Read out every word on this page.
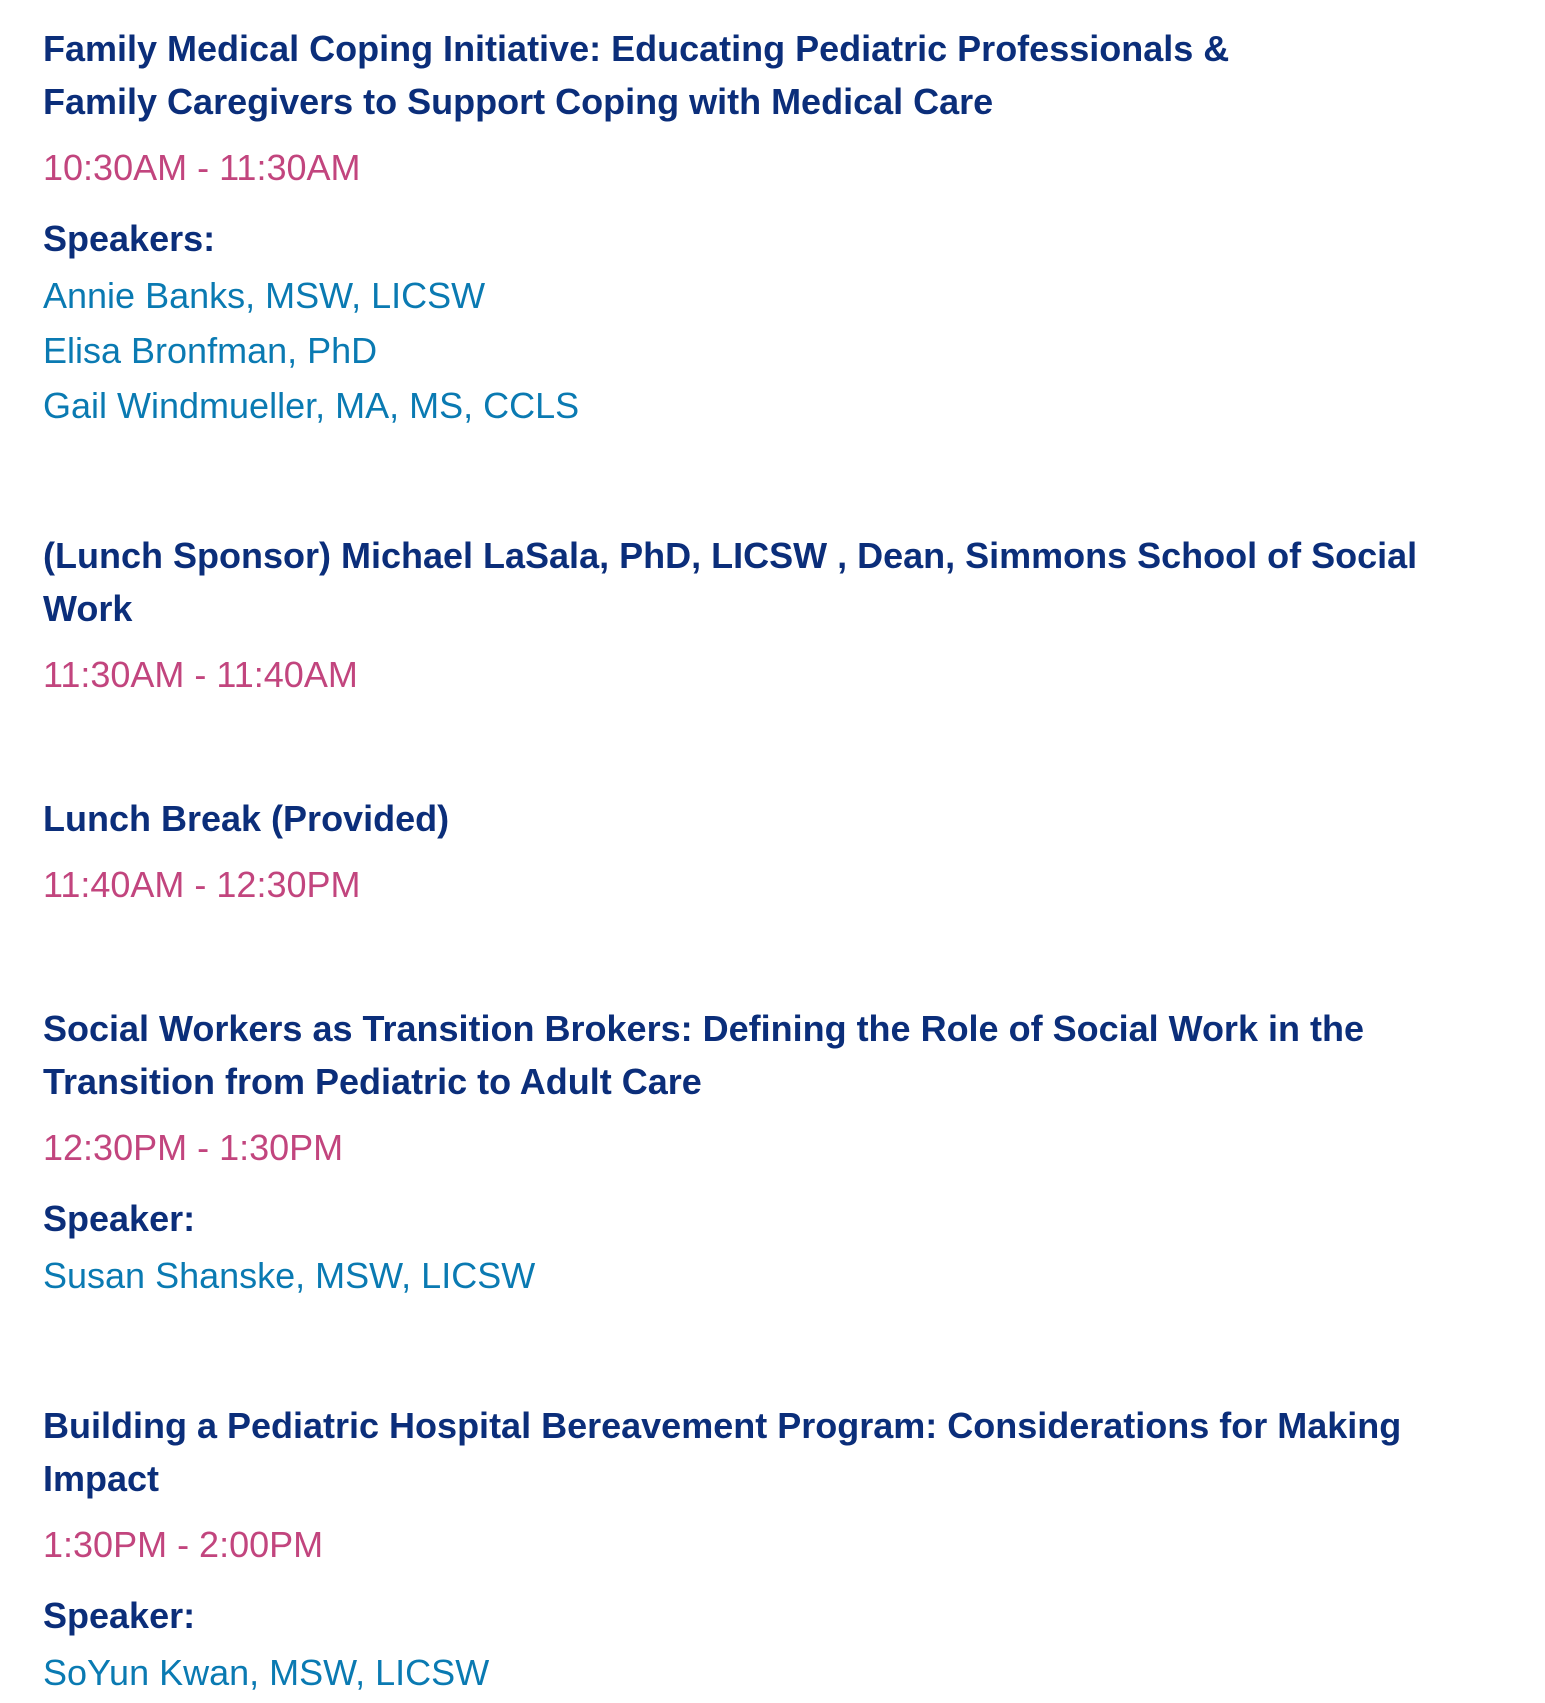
Family Medical Coping Initiative: Educating Pediatric Professionals & Family Caregivers to Support Coping with Medical Care
10:30AM - 11:30AM
Speakers:
Annie Banks, MSW, LICSW
Elisa Bronfman, PhD
Gail Windmueller, MA, MS, CCLS
(Lunch Sponsor) Michael LaSala, PhD, LICSW , Dean, Simmons School of Social Work
11:30AM - 11:40AM
Lunch Break (Provided)
11:40AM - 12:30PM
Social Workers as Transition Brokers: Defining the Role of Social Work in the Transition from Pediatric to Adult Care
12:30PM - 1:30PM
Speaker:
Susan Shanske, MSW, LICSW
Building a Pediatric Hospital Bereavement Program: Considerations for Making Impact
1:30PM - 2:00PM
Speaker:
SoYun Kwan, MSW, LICSW
